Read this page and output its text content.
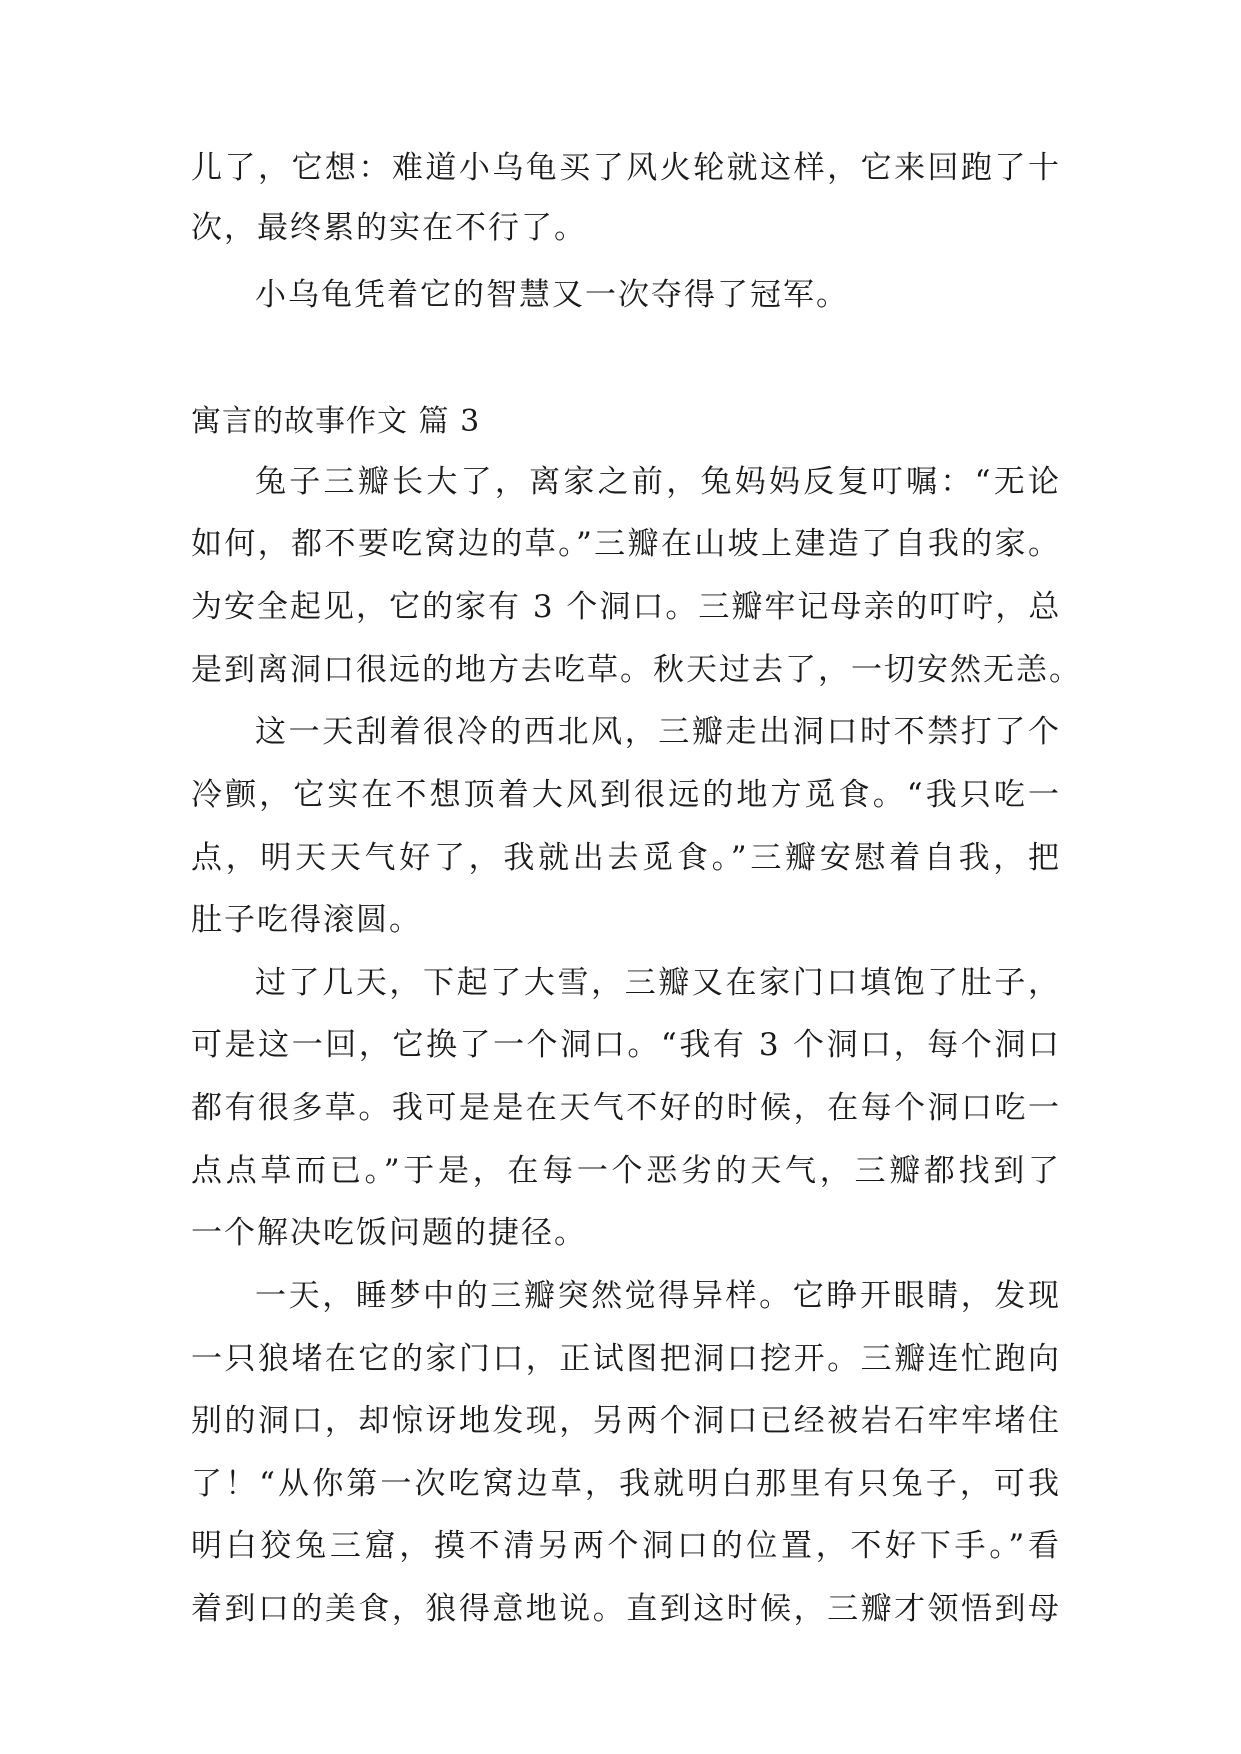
儿了，它想：难道小乌龟买了风火轮就这样，它来回跑了十
次，最终累的实在不行了。
小乌龟凭着它的智慧又一次夺得了冠军。
寓言的故事作文 篇 3
兔子三瓣长大了，离家之前，兔妈妈反复叮嘱：“无论
如何，都不要吃窝边的草。”三瓣在山坡上建造了自我的家。
为安全起见，它的家有 3 个洞口。三瓣牢记母亲的叮咛，总
是到离洞口很远的地方去吃草。秋天过去了，一切安然无恙。
这一天刮着很冷的西北风，三瓣走出洞口时不禁打了个
冷颤，它实在不想顶着大风到很远的地方觅食。“我只吃一
点，明天天气好了，我就出去觅食。”三瓣安慰着自我，把
肚子吃得滚圆。
过了几天，下起了大雪，三瓣又在家门口填饱了肚子，
可是这一回，它换了一个洞口。“我有 3 个洞口，每个洞口
都有很多草。我可是是在天气不好的时候，在每个洞口吃一
点点草而已。”于是，在每一个恶劣的天气，三瓣都找到了
一个解决吃饭问题的捷径。
一天，睡梦中的三瓣突然觉得异样。它睁开眼睛，发现
一只狼堵在它的家门口，正试图把洞口挖开。三瓣连忙跑向
别的洞口，却惊讶地发现，另两个洞口已经被岩石牢牢堵住
了！“从你第一次吃窝边草，我就明白那里有只兔子，可我
明白狡兔三窟，摸不清另两个洞口的位置，不好下手。”看
着到口的美食，狼得意地说。直到这时候，三瓣才领悟到母
